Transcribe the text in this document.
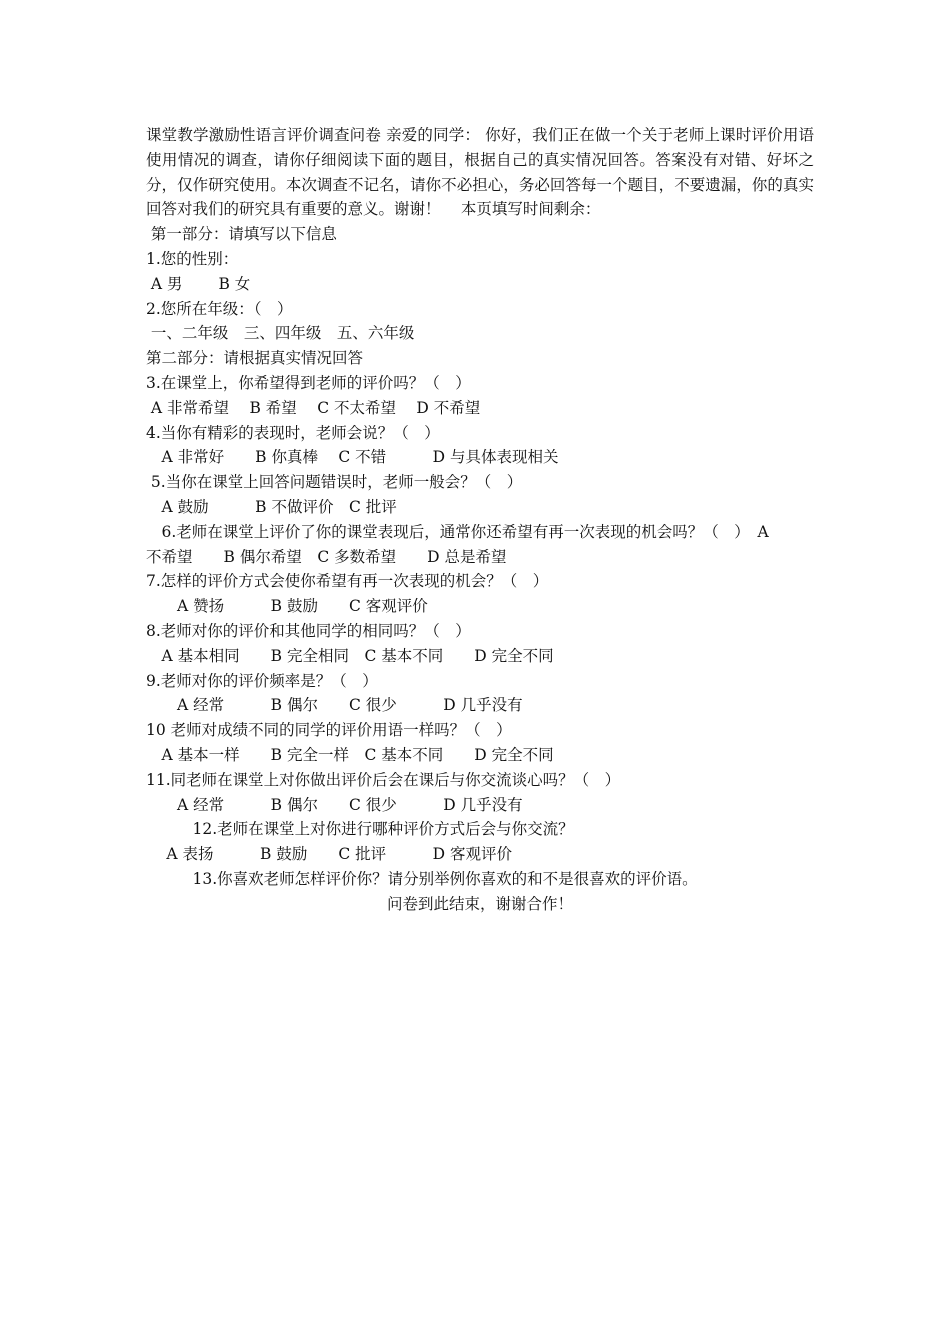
课堂教学激励性语言评价调查问卷 亲爱的同学： 你好，我们正在做一个关于老师上课时评价用语使用情况的调查，请你仔细阅读下面的题目，根据自己的真实情况回答。答案没有对错、好坏之分，仅作研究使用。本次调查不记名，请你不必担心，务必回答每一个题目，不要遗漏，你的真实回答对我们的研究具有重要的意义。谢谢！　 本页填写时间剩余：

第一部分：请填写以下信息
1.您的性别：
A 男　　 B 女
2.您所在年级：（　）
一、二年级　三、四年级　五、六年级
第二部分：请根据真实情况回答
3.在课堂上，你希望得到老师的评价吗？（　）
A 非常希望　 B 希望　 C 不太希望　 D 不希望
4.当你有精彩的表现时，老师会说？（　）
　A 非常好　　B 你真棒　 C 不错　　　D 与具体表现相关
5.当你在课堂上回答问题错误时，老师一般会？（　）
　A 鼓励　　　B 不做评价　C 批评
　6.老师在课堂上评价了你的课堂表现后，通常你还希望有再一次表现的机会吗？（　）　A
不希望　　B 偶尔希望　C 多数希望　　D 总是希望
7.怎样的评价方式会使你希望有再一次表现的机会？（　）
　　A 赞扬　　　B 鼓励　　C 客观评价
8.老师对你的评价和其他同学的相同吗？（　）
　A 基本相同　　B 完全相同　C 基本不同　　D 完全不同
9.老师对你的评价频率是？（　）
　　A 经常　　　B 偶尔　　C 很少　　　D 几乎没有
10 老师对成绩不同的同学的评价用语一样吗？（　）
　A 基本一样　　B 完全一样　C 基本不同　　D 完全不同
11.同老师在课堂上对你做出评价后会在课后与你交流谈心吗？（　）
　　A 经常　　　B 偶尔　　C 很少　　　D 几乎没有
　　　12.老师在课堂上对你进行哪种评价方式后会与你交流？
　 A 表扬　　　B 鼓励　　C 批评　　　D 客观评价
　　　13.你喜欢老师怎样评价你？请分别举例你喜欢的和不是很喜欢的评价语。
问卷到此结束，谢谢合作！
